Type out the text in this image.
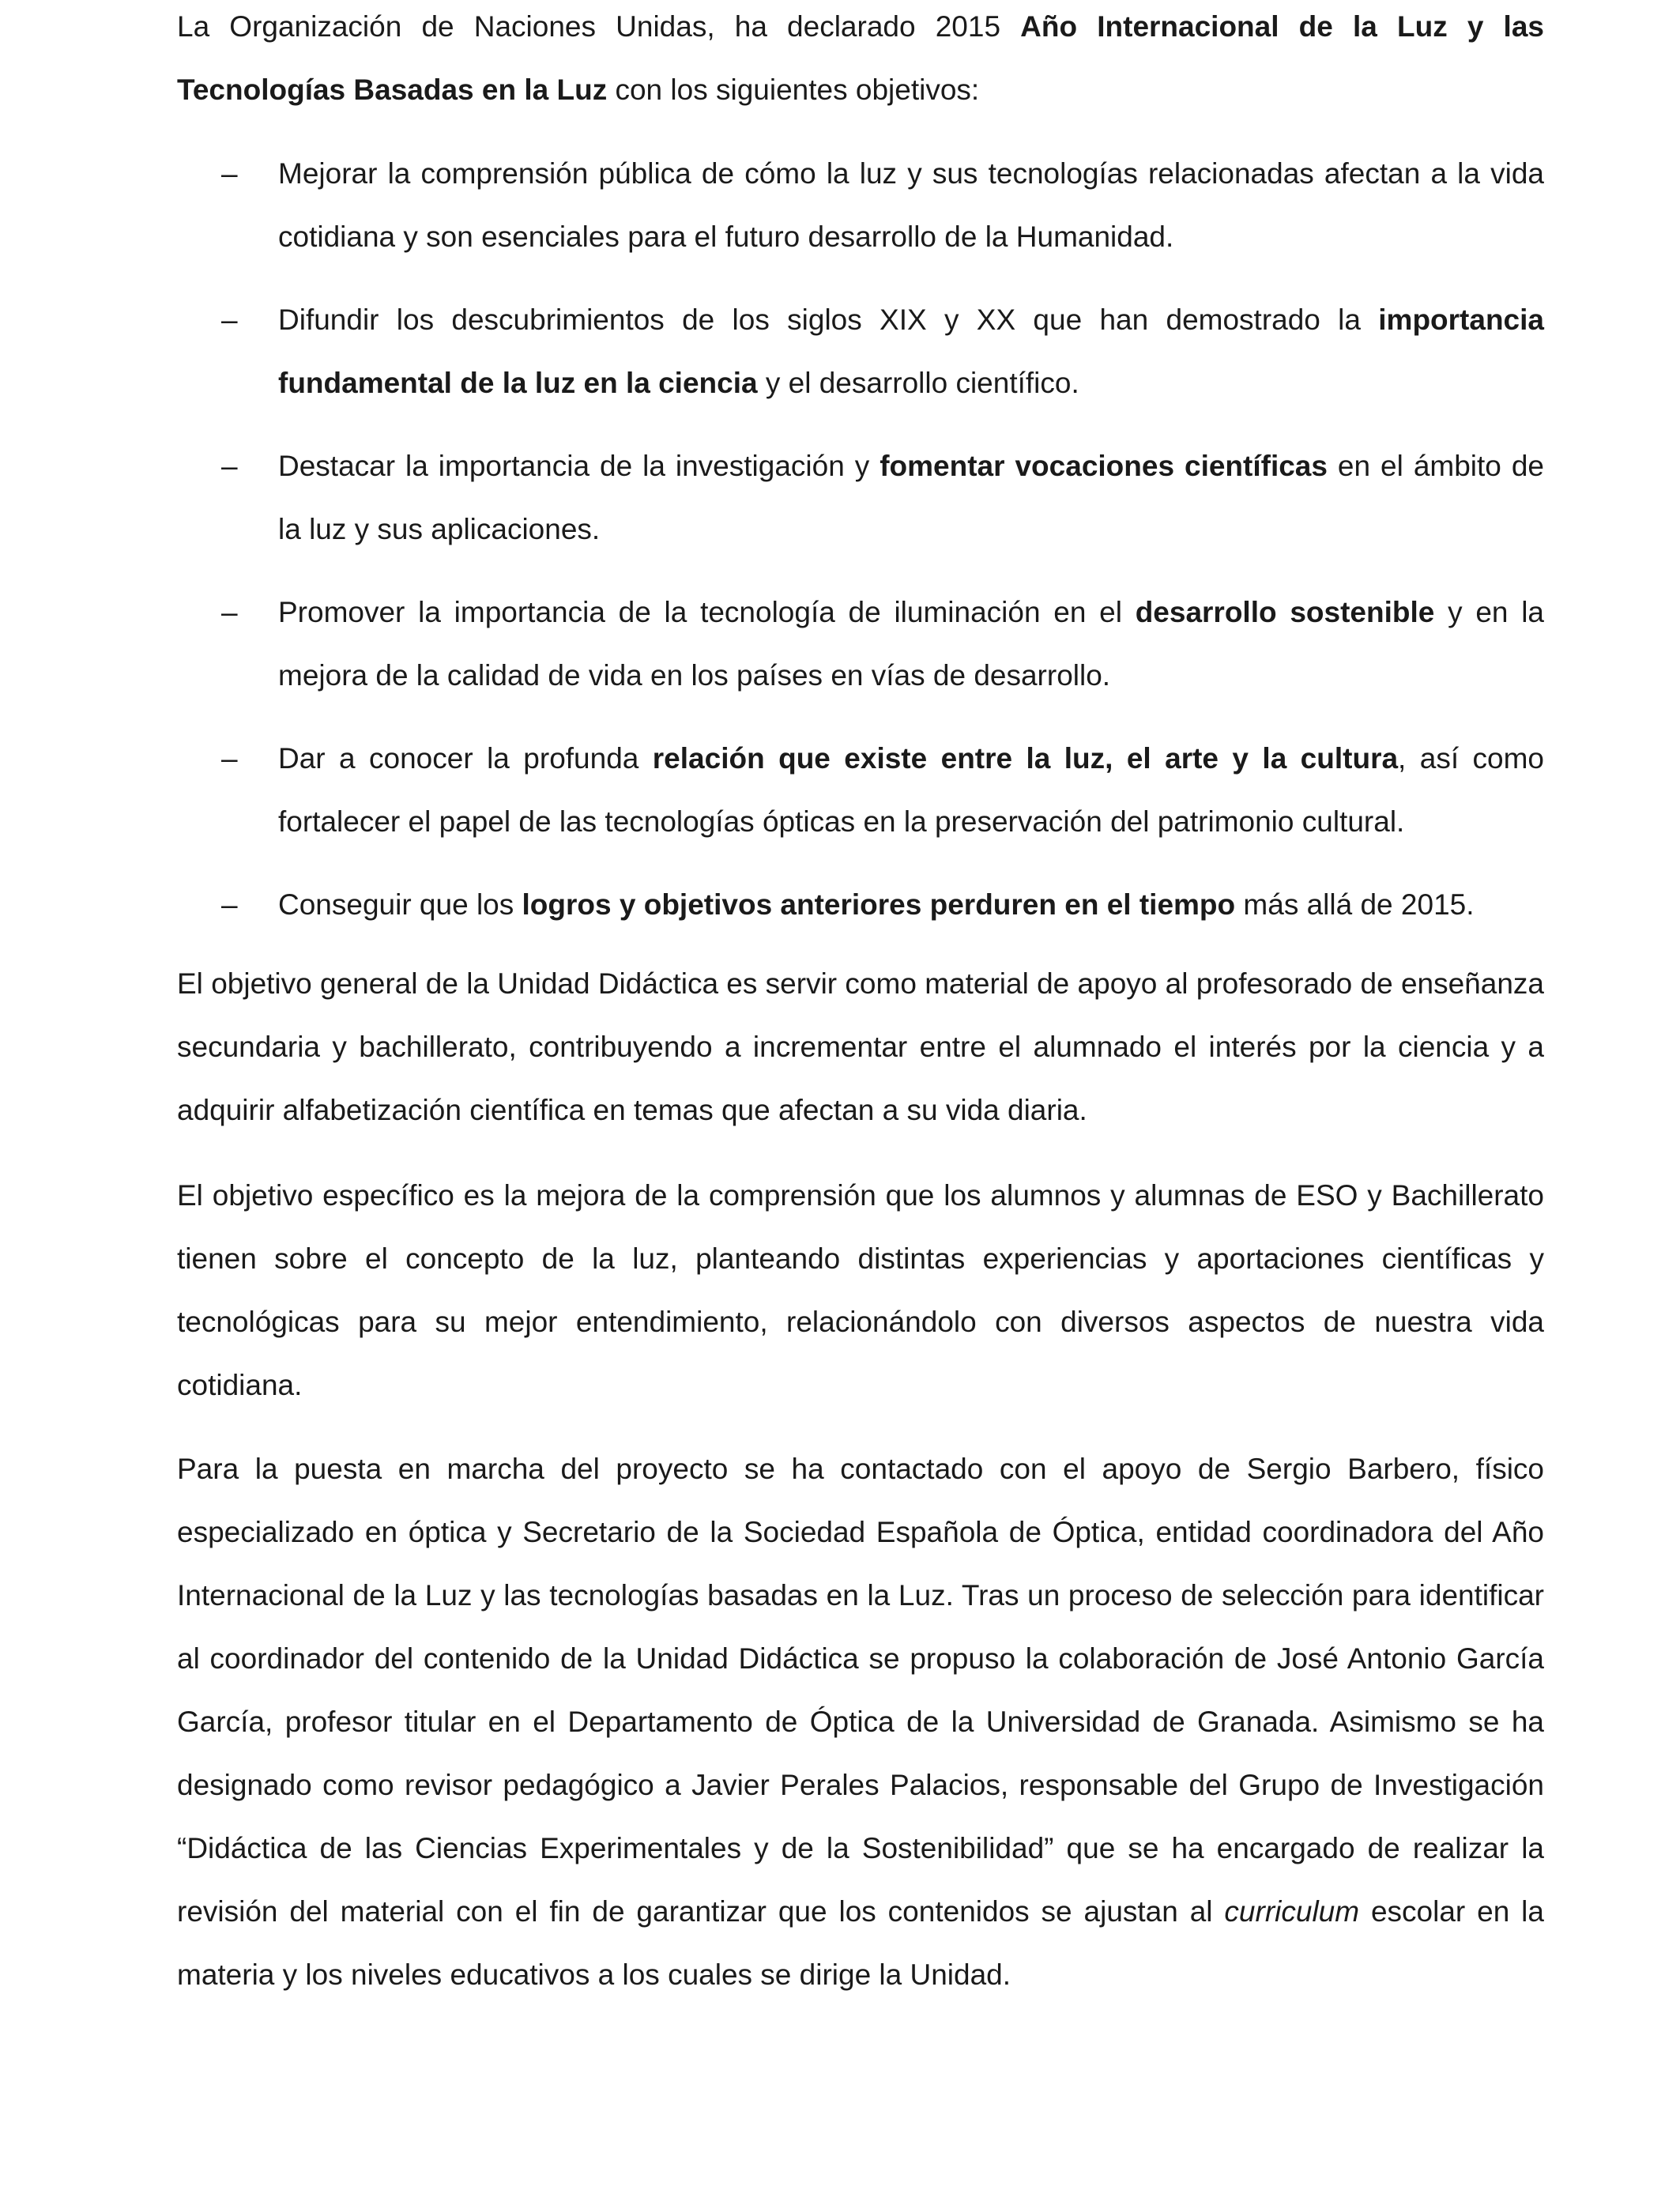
La Organización de Naciones Unidas, ha declarado 2015 Año Internacional de la Luz y las Tecnologías Basadas en la Luz con los siguientes objetivos:

– Mejorar la comprensión pública de cómo la luz y sus tecnologías relacionadas afectan a la vida cotidiana y son esenciales para el futuro desarrollo de la Humanidad.
– Difundir los descubrimientos de los siglos XIX y XX que han demostrado la importancia fundamental de la luz en la ciencia y el desarrollo científico.
– Destacar la importancia de la investigación y fomentar vocaciones científicas en el ámbito de la luz y sus aplicaciones.
– Promover la importancia de la tecnología de iluminación en el desarrollo sostenible y en la mejora de la calidad de vida en los países en vías de desarrollo.
– Dar a conocer la profunda relación que existe entre la luz, el arte y la cultura, así como fortalecer el papel de las tecnologías ópticas en la preservación del patrimonio cultural.
– Conseguir que los logros y objetivos anteriores perduren en el tiempo más allá de 2015.

El objetivo general de la Unidad Didáctica es servir como material de apoyo al profesorado de enseñanza secundaria y bachillerato, contribuyendo a incrementar entre el alumnado el interés por la ciencia y a adquirir alfabetización científica en temas que afectan a su vida diaria.

El objetivo específico es la mejora de la comprensión que los alumnos y alumnas de ESO y Bachillerato tienen sobre el concepto de la luz, planteando distintas experiencias y aportaciones científicas y tecnológicas para su mejor entendimiento, relacionándolo con diversos aspectos de nuestra vida cotidiana.

Para la puesta en marcha del proyecto se ha contactado con el apoyo de Sergio Barbero, físico especializado en óptica y Secretario de la Sociedad Española de Óptica, entidad coordinadora del Año Internacional de la Luz y las tecnologías basadas en la Luz. Tras un proceso de selección para identificar al coordinador del contenido de la Unidad Didáctica se propuso la colaboración de José Antonio García García, profesor titular en el Departamento de Óptica de la Universidad de Granada. Asimismo se ha designado como revisor pedagógico a Javier Perales Palacios, responsable del Grupo de Investigación “Didáctica de las Ciencias Experimentales y de la Sostenibilidad” que se ha encargado de realizar la revisión del material con el fin de garantizar que los contenidos se ajustan al curriculum escolar en la materia y los niveles educativos a los cuales se dirige la Unidad.
